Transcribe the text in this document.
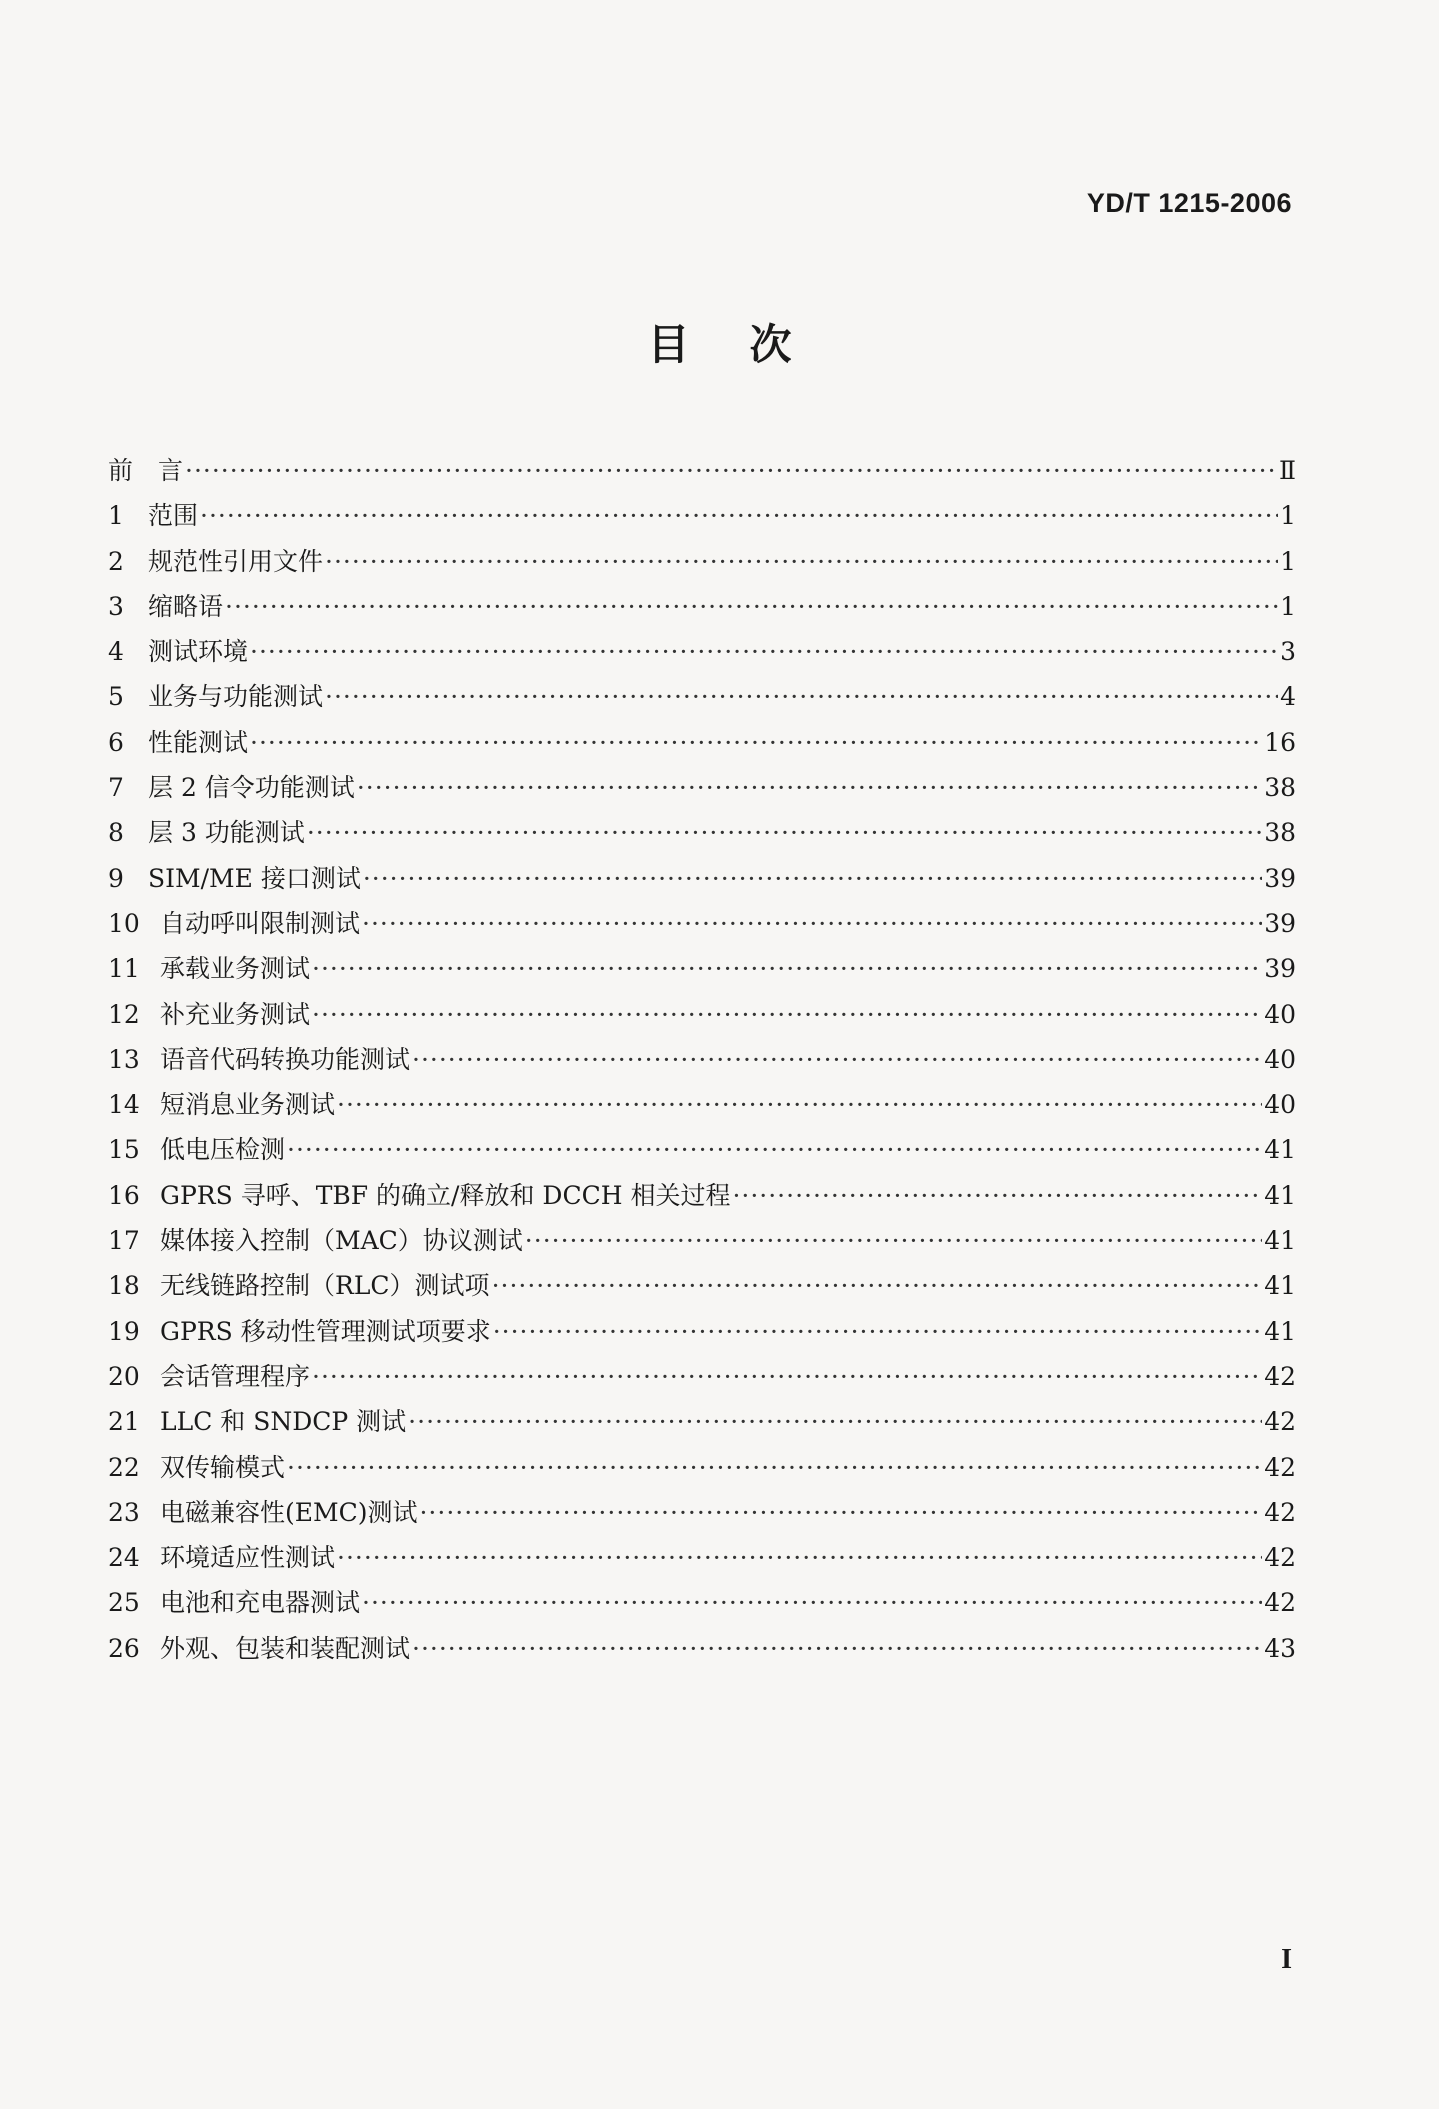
YD/T 1215-2006
目次
前　言 ·····	Ⅱ
1 范围 ·····	1
2 规范性引用文件 ·····	1
3 缩略语 ·····	1
4 测试环境 ·····	3
5 业务与功能测试 ·····	4
6 性能测试 ·····	16
7 层 2 信令功能测试 ·····	38
8 层 3 功能测试 ·····	38
9 SIM/ME 接口测试 ·····	39
10 自动呼叫限制测试 ·····	39
11 承载业务测试 ·····	39
12 补充业务测试 ·····	40
13 语音代码转换功能测试 ·····	40
14 短消息业务测试 ·····	40
15 低电压检测 ·····	41
16 GPRS 寻呼、TBF 的确立/释放和 DCCH 相关过程 ·····	41
17 媒体接入控制（MAC）协议测试 ·····	41
18 无线链路控制（RLC）测试项 ·····	41
19 GPRS 移动性管理测试项要求 ·····	41
20 会话管理程序 ·····	42
21 LLC 和 SNDCP 测试 ·····	42
22 双传输模式 ·····	42
23 电磁兼容性(EMC)测试 ·····	42
24 环境适应性测试 ·····	42
25 电池和充电器测试 ·····	42
26 外观、包装和装配测试 ·····	43
I
